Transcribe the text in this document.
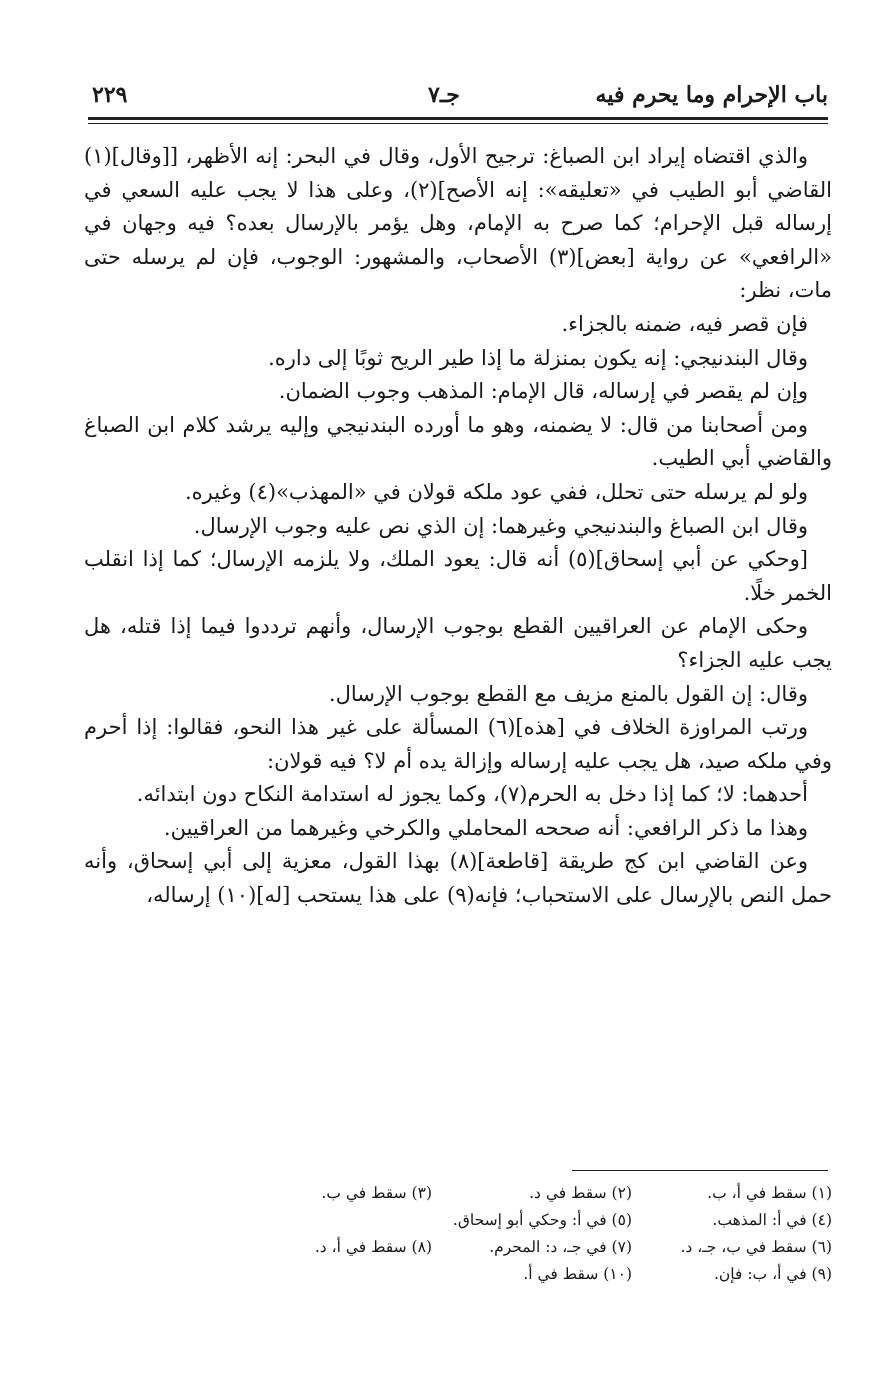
باب الإحرام وما يحرم فيه
جـ٧
٢٢٩

والذي اقتضاه إيراد ابن الصباغ: ترجيح الأول، وقال في البحر: إنه الأظهر، [[وقال](١) القاضي أبو الطيب في «تعليقه»: إنه الأصح](٢)، وعلى هذا لا يجب عليه السعي في إرساله قبل الإحرام؛ كما صرح به الإمام، وهل يؤمر بالإرسال بعده؟ فيه وجهان في «الرافعي» عن رواية [بعض](٣) الأصحاب، والمشهور: الوجوب، فإن لم يرسله حتى مات، نظر:

فإن قصر فيه، ضمنه بالجزاء.

وقال البندنيجي: إنه يكون بمنزلة ما إذا طير الريح ثوبًا إلى داره.

وإن لم يقصر في إرساله، قال الإمام: المذهب وجوب الضمان.

ومن أصحابنا من قال: لا يضمنه، وهو ما أورده البندنيجي وإليه يرشد كلام ابن الصباغ والقاضي أبي الطيب.

ولو لم يرسله حتى تحلل، ففي عود ملكه قولان في «المهذب»(٤) وغيره.

وقال ابن الصباغ والبندنيجي وغيرهما: إن الذي نص عليه وجوب الإرسال.

[وحكي عن أبي إسحاق](٥) أنه قال: يعود الملك، ولا يلزمه الإرسال؛ كما إذا انقلب الخمر خلًا.

وحكى الإمام عن العراقيين القطع بوجوب الإرسال، وأنهم ترددوا فيما إذا قتله، هل يجب عليه الجزاء؟

وقال: إن القول بالمنع مزيف مع القطع بوجوب الإرسال.

ورتب المراوزة الخلاف في [هذه](٦) المسألة على غير هذا النحو، فقالوا: إذا أحرم وفي ملكه صيد، هل يجب عليه إرساله وإزالة يده أم لا؟ فيه قولان:

أحدهما: لا؛ كما إذا دخل به الحرم(٧)، وكما يجوز له استدامة النكاح دون ابتدائه.

وهذا ما ذكر الرافعي: أنه صححه المحاملي والكرخي وغيرهما من العراقيين.

وعن القاضي ابن كج طريقة [قاطعة](٨) بهذا القول، معزية إلى أبي إسحاق، وأنه حمل النص بالإرسال على الاستحباب؛ فإنه(٩) على هذا يستحب [له](١٠) إرساله،

(١) سقط في أ، ب.
(٢) سقط في د.
(٣) سقط في ب.
(٤) في أ: المذهب.
(٥) في أ: وحكي أبو إسحاق.
(٦) سقط في ب، جـ، د.
(٧) في جـ، د: المحرم.
(٨) سقط في أ، د.
(٩) في أ، ب: فإن.
(١٠) سقط في أ.
